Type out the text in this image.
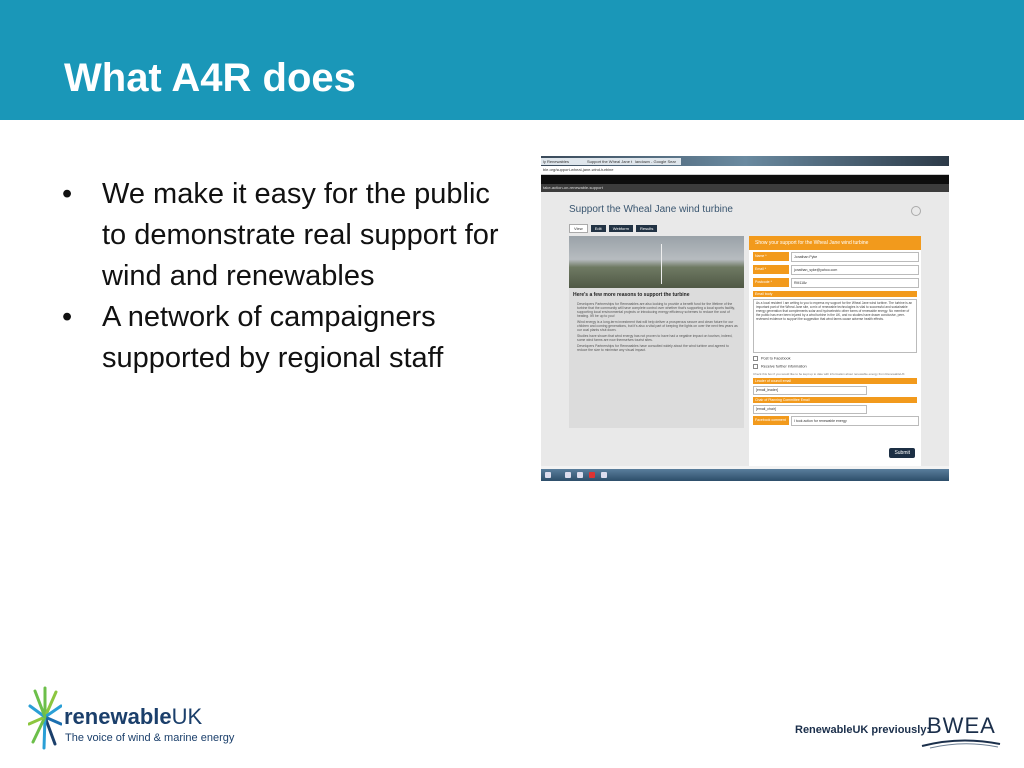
What A4R does
• We make it easy for the public to demonstrate real support for wind and renewables
• A network of campaigners supported by regional staff
ly Renewables	Support the Wheal Jane t landown - Google Sear
ble.org/support-wheal-jane-wind-turbine
take-action-on-renewable-support
Support the Wheal Jane wind turbine
View	Edit	Webform	Results
Here's a few more reasons to support the turbine

Developers Partnerships for Renewables are also looking to provide a benefit fund for the lifetime of the turbine that the community will have complete control over whether that's supporting a local sports facility, supporting local environmental projects or introducing energy efficiency schemes to reduce the cost of heating. It'll be up to you!

Wind energy is a long-term investment that will help deliver a prosperous secure and clean future for our children and coming generations, but it's also a vital part of keeping the lights on over the next few years as our coal plants shut down.

Studies have shown that wind energy has not proven to have had a negative impact on tourism, indeed, some wind farms are now themselves tourist sites.

Developers Partnerships for Renewables have consulted widely about the wind turbine and agreed to reduce the size to minimise any visual impact.

Show your support for the Wheal Jane wind turbine
Name *	Jonathan Pyke
Email *	jonathan_syke@yahoo.com
Postcode *	RM118z
Email body
As a local resident I am writing to you to express my support for the Wheal Jane wind turbine. The turbine is an important part of the Wheal Jane site, a mix of renewable technologies is vital to successful and sustainable energy generation that complements solar and hydroelectric other forms of renewable energy. No member of the public has ever been injured by a wind turbine in the UK, and no studies have drawn conclusive, peer-reviewed evidence to support the suggestion that wind farms cause adverse health effects.
Post to Facebook
Receive further information
Check this box if you would like to be kept up to date with information about renewable energy from RenewableUK
Leader of council email
[email_leader]
Chair of Planning Committee Email
[email_chair]
Facebook comment	I took action for renewable energy
Submit
renewableUK
The voice of wind & marine energy
RenewableUK previously:
BWEA
